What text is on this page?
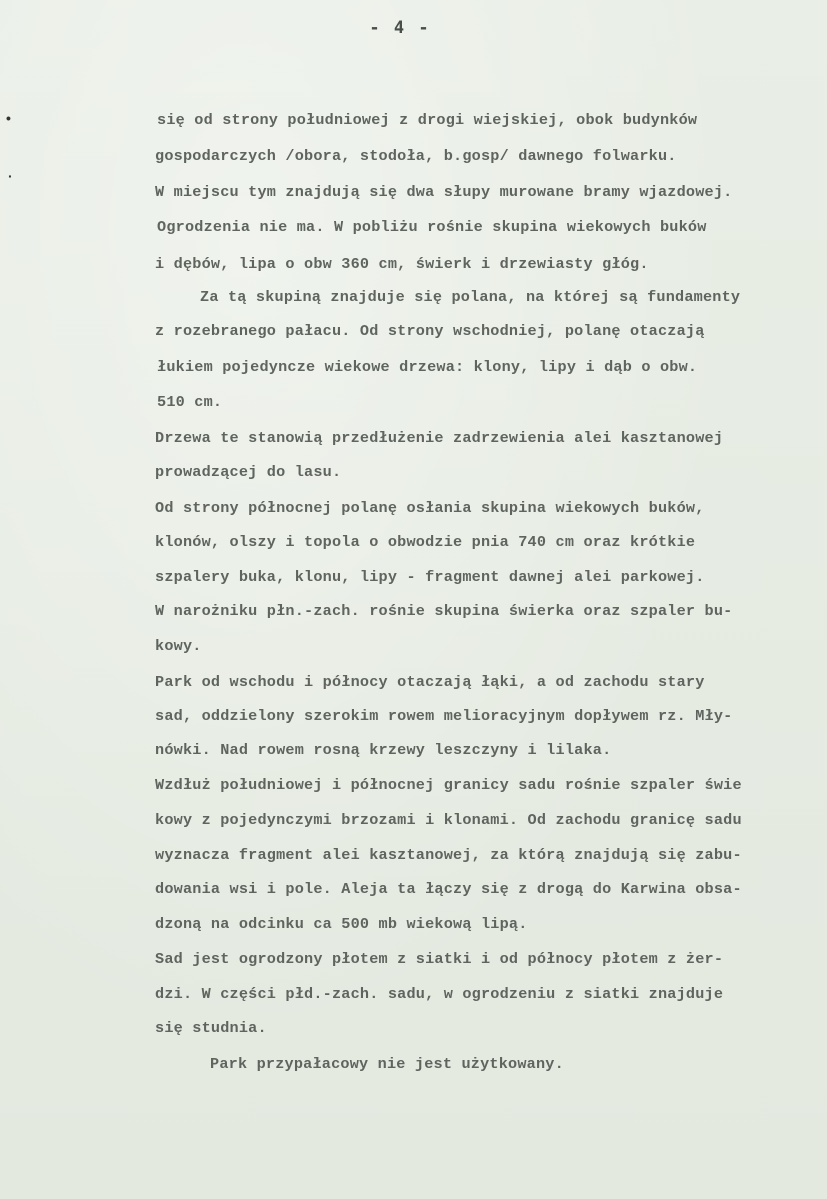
- 4 -
•
·
się od strony południowej z drogi wiejskiej, obok budynków
gospodarczych /obora, stodoła, b.gosp/ dawnego folwarku.
W miejscu tym znajdują się dwa słupy murowane bramy wjazdowej.
Ogrodzenia nie ma. W pobliżu rośnie skupina wiekowych buków
i dębów, lipa o obw 360 cm, świerk i drzewiasty głóg.
Za tą skupiną znajduje się polana, na której są fundamenty
z rozebranego pałacu. Od strony wschodniej, polanę otaczają
łukiem pojedyncze wiekowe drzewa: klony, lipy i dąb o obw.
510 cm.
Drzewa te stanowią przedłużenie zadrzewienia alei kasztanowej
prowadzącej do lasu.
Od strony północnej polanę osłania skupina wiekowych buków,
klonów, olszy i topola o obwodzie pnia 740 cm oraz krótkie
szpalery buka, klonu, lipy - fragment dawnej alei parkowej.
W narożniku płn.-zach. rośnie skupina świerka oraz szpaler bu-
kowy.
Park od wschodu i północy otaczają łąki, a od zachodu stary
sad, oddzielony szerokim rowem melioracyjnym dopływem rz. Mły-
nówki. Nad rowem rosną krzewy leszczyny i lilaka.
Wzdłuż południowej i północnej granicy sadu rośnie szpaler świe
kowy z pojedynczymi brzozami i klonami. Od zachodu granicę sadu
wyznacza fragment alei kasztanowej, za którą znajdują się zabu-
dowania wsi i pole. Aleja ta łączy się z drogą do Karwina obsa-
dzoną na odcinku ca 500 mb wiekową lipą.
Sad jest ogrodzony płotem z siatki i od północy płotem z żer-
dzi. W części płd.-zach. sadu, w ogrodzeniu z siatki znajduje
się studnia.
Park przypałacowy nie jest użytkowany.
